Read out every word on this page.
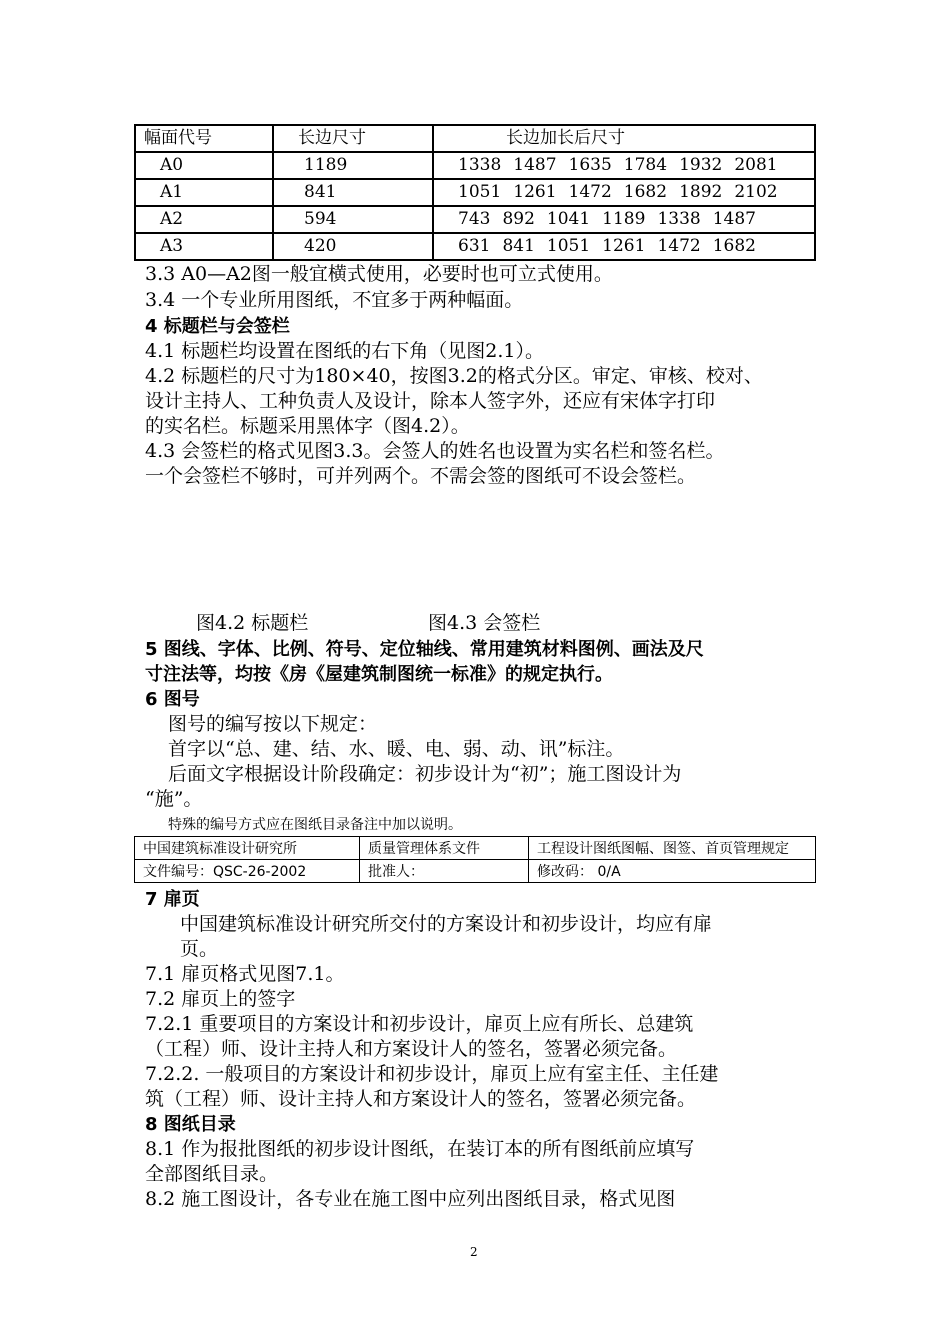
幅面代号	长边尺寸	长边加长后尺寸
A0	1189	1338 1487 1635 1784 1932 2081
A1	841	1051 1261 1472 1682 1892 2102
A2	594	743 892 1041 1189 1338 1487
A3	420	631 841 1051 1261 1472 1682
3.3 A0—A2图一般宜横式使用，必要时也可立式使用。
3.4 一个专业所用图纸，不宜多于两种幅面。
4 标题栏与会签栏
4.1 标题栏均设置在图纸的右下角（见图2.1）。
4.2 标题栏的尺寸为180⨯40，按图3.2的格式分区。审定、审核、校对、
设计主持人、工种负责人及设计，除本人签字外，还应有宋体字打印
的实名栏。标题采用黑体字（图4.2）。
4.3 会签栏的格式见图3.3。会签人的姓名也设置为实名栏和签名栏。
一个会签栏不够时，可并列两个。不需会签的图纸可不设会签栏。
图4.2 标题栏	图4.3 会签栏
5 图线、字体、比例、符号、定位轴线、常用建筑材料图例、画法及尺
寸注法等，均按《房《屋建筑制图统一标准》的规定执行。
6 图号
图号的编写按以下规定：
首字以“总、建、结、水、暖、电、弱、动、讯”标注。
后面文字根据设计阶段确定：初步设计为“初”；施工图设计为
“施”。
特殊的编号方式应在图纸目录备注中加以说明。
中国建筑标准设计研究所	质量管理体系文件	工程设计图纸图幅、图签、首页管理规定
文件编号：QSC-26-2002	批准人：	修改码： 0/A
7 扉页
中国建筑标准设计研究所交付的方案设计和初步设计，均应有扉
页。
7.1 扉页格式见图7.1。
7.2 扉页上的签字
7.2.1 重要项目的方案设计和初步设计，扉页上应有所长、总建筑
（工程）师、设计主持人和方案设计人的签名，签署必须完备。
7.2.2. 一般项目的方案设计和初步设计，扉页上应有室主任、主任建
筑（工程）师、设计主持人和方案设计人的签名，签署必须完备。
8 图纸目录
8.1 作为报批图纸的初步设计图纸，在装订本的所有图纸前应填写
全部图纸目录。
8.2 施工图设计，各专业在施工图中应列出图纸目录，格式见图
2
